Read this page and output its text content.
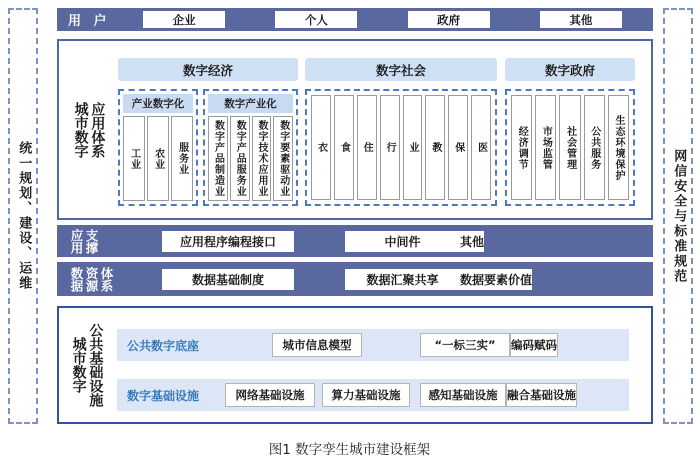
统一规划、建设、运维	网信安全与标准规范
用 户	企业	个人	政府	其他
城市数字 应用体系
数字经济
产业数字化
工业 农业 服务业
数字产业化
数字产品制造业 数字产品服务业 数字技术应用业 数字要素驱动业
数字社会
衣 食 住 行 业 教 保 医
数字政府
经济调节 市场监管 社会管理 公共服务 生态环境保护
应用 支撑	应用程序编程接口	中间件	其他
数据 资源 体系	数据基础制度	数据汇聚共享 数据要素价值
城市数字 公共基础设施	公共数字底座	城市信息模型	“一标三实” 编码赋码
数字基础设施	网络基础设施 算力基础设施 感知基础设施 融合基础设施
图1 数字孪生城市建设框架
